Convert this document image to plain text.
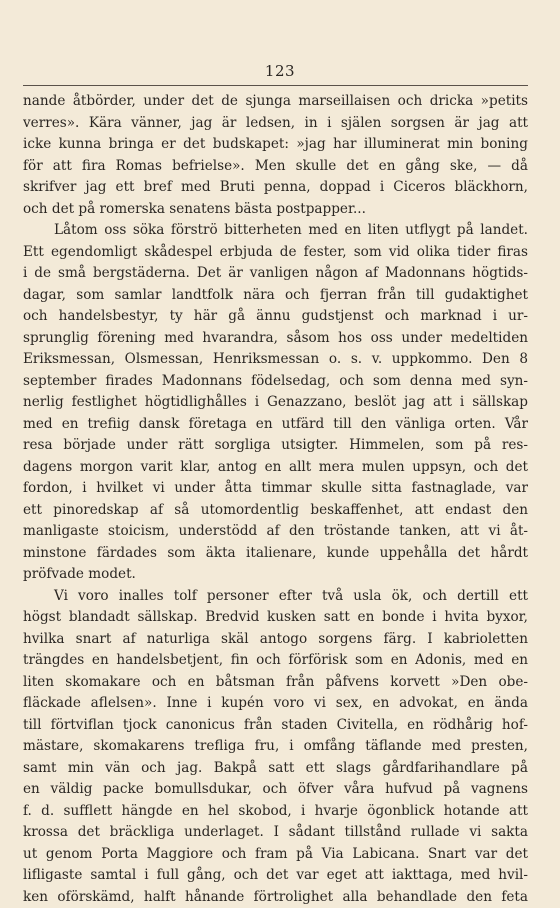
123
nande åtbörder, under det de sjunga marseillaisen och dricka »petits
verres». Kära vänner, jag är ledsen, in i själen sorgsen är jag att
icke kunna bringa er det budskapet: »jag har illuminerat min boning
för att fira Romas befrielse». Men skulle det en gång ske, — då
skrifver jag ett bref med Bruti penna, doppad i Ciceros bläckhorn,
och det på romerska senatens bästa postpapper...
Låtom oss söka förströ bitterheten med en liten utflygt på landet.
Ett egendomligt skådespel erbjuda de fester, som vid olika tider firas
i de små bergstäderna. Det är vanligen någon af Madonnans högtids-
dagar, som samlar landtfolk nära och fjerran från till gudaktighet
och handelsbestyr, ty här gå ännu gudstjenst och marknad i ur-
sprunglig förening med hvarandra, såsom hos oss under medeltiden
Eriksmessan, Olsmessan, Henriksmessan o. s. v. uppkommo. Den 8
september firades Madonnans födelsedag, och som denna med syn-
nerlig festlighet högtidlighålles i Genazzano, beslöt jag att i sällskap
med en trefiig dansk företaga en utfärd till den vänliga orten. Vår
resa började under rätt sorgliga utsigter. Himmelen, som på res-
dagens morgon varit klar, antog en allt mera mulen uppsyn, och det
fordon, i hvilket vi under åtta timmar skulle sitta fastnaglade, var
ett pinoredskap af så utomordentlig beskaffenhet, att endast den
manligaste stoicism, understödd af den tröstande tanken, att vi åt-
minstone färdades som äkta italienare, kunde uppehålla det hårdt
pröfvade modet.
Vi voro inalles tolf personer efter två usla ök, och dertill ett
högst blandadt sällskap. Bredvid kusken satt en bonde i hvita byxor,
hvilka snart af naturliga skäl antogo sorgens färg. I kabrioletten
trängdes en handelsbetjent, fin och förförisk som en Adonis, med en
liten skomakare och en båtsman från påfvens korvett »Den obe-
fläckade aflelsen». Inne i kupén voro vi sex, en advokat, en ända
till förtviflan tjock canonicus från staden Civitella, en rödhårig hof-
mästare, skomakarens trefliga fru, i omfång täflande med presten,
samt min vän och jag. Bakpå satt ett slags gårdfarihandlare på
en väldig packe bomullsdukar, och öfver våra hufvud på vagnens
f. d. sufflett hängde en hel skobod, i hvarje ögonblick hotande att
krossa det bräckliga underlaget. I sådant tillstånd rullade vi sakta
ut genom Porta Maggiore och fram på Via Labicana. Snart var det
lifligaste samtal i full gång, och det var eget att iakttaga, med hvil-
ken oförskämd, halft hånande förtrolighet alla behandlade den feta
